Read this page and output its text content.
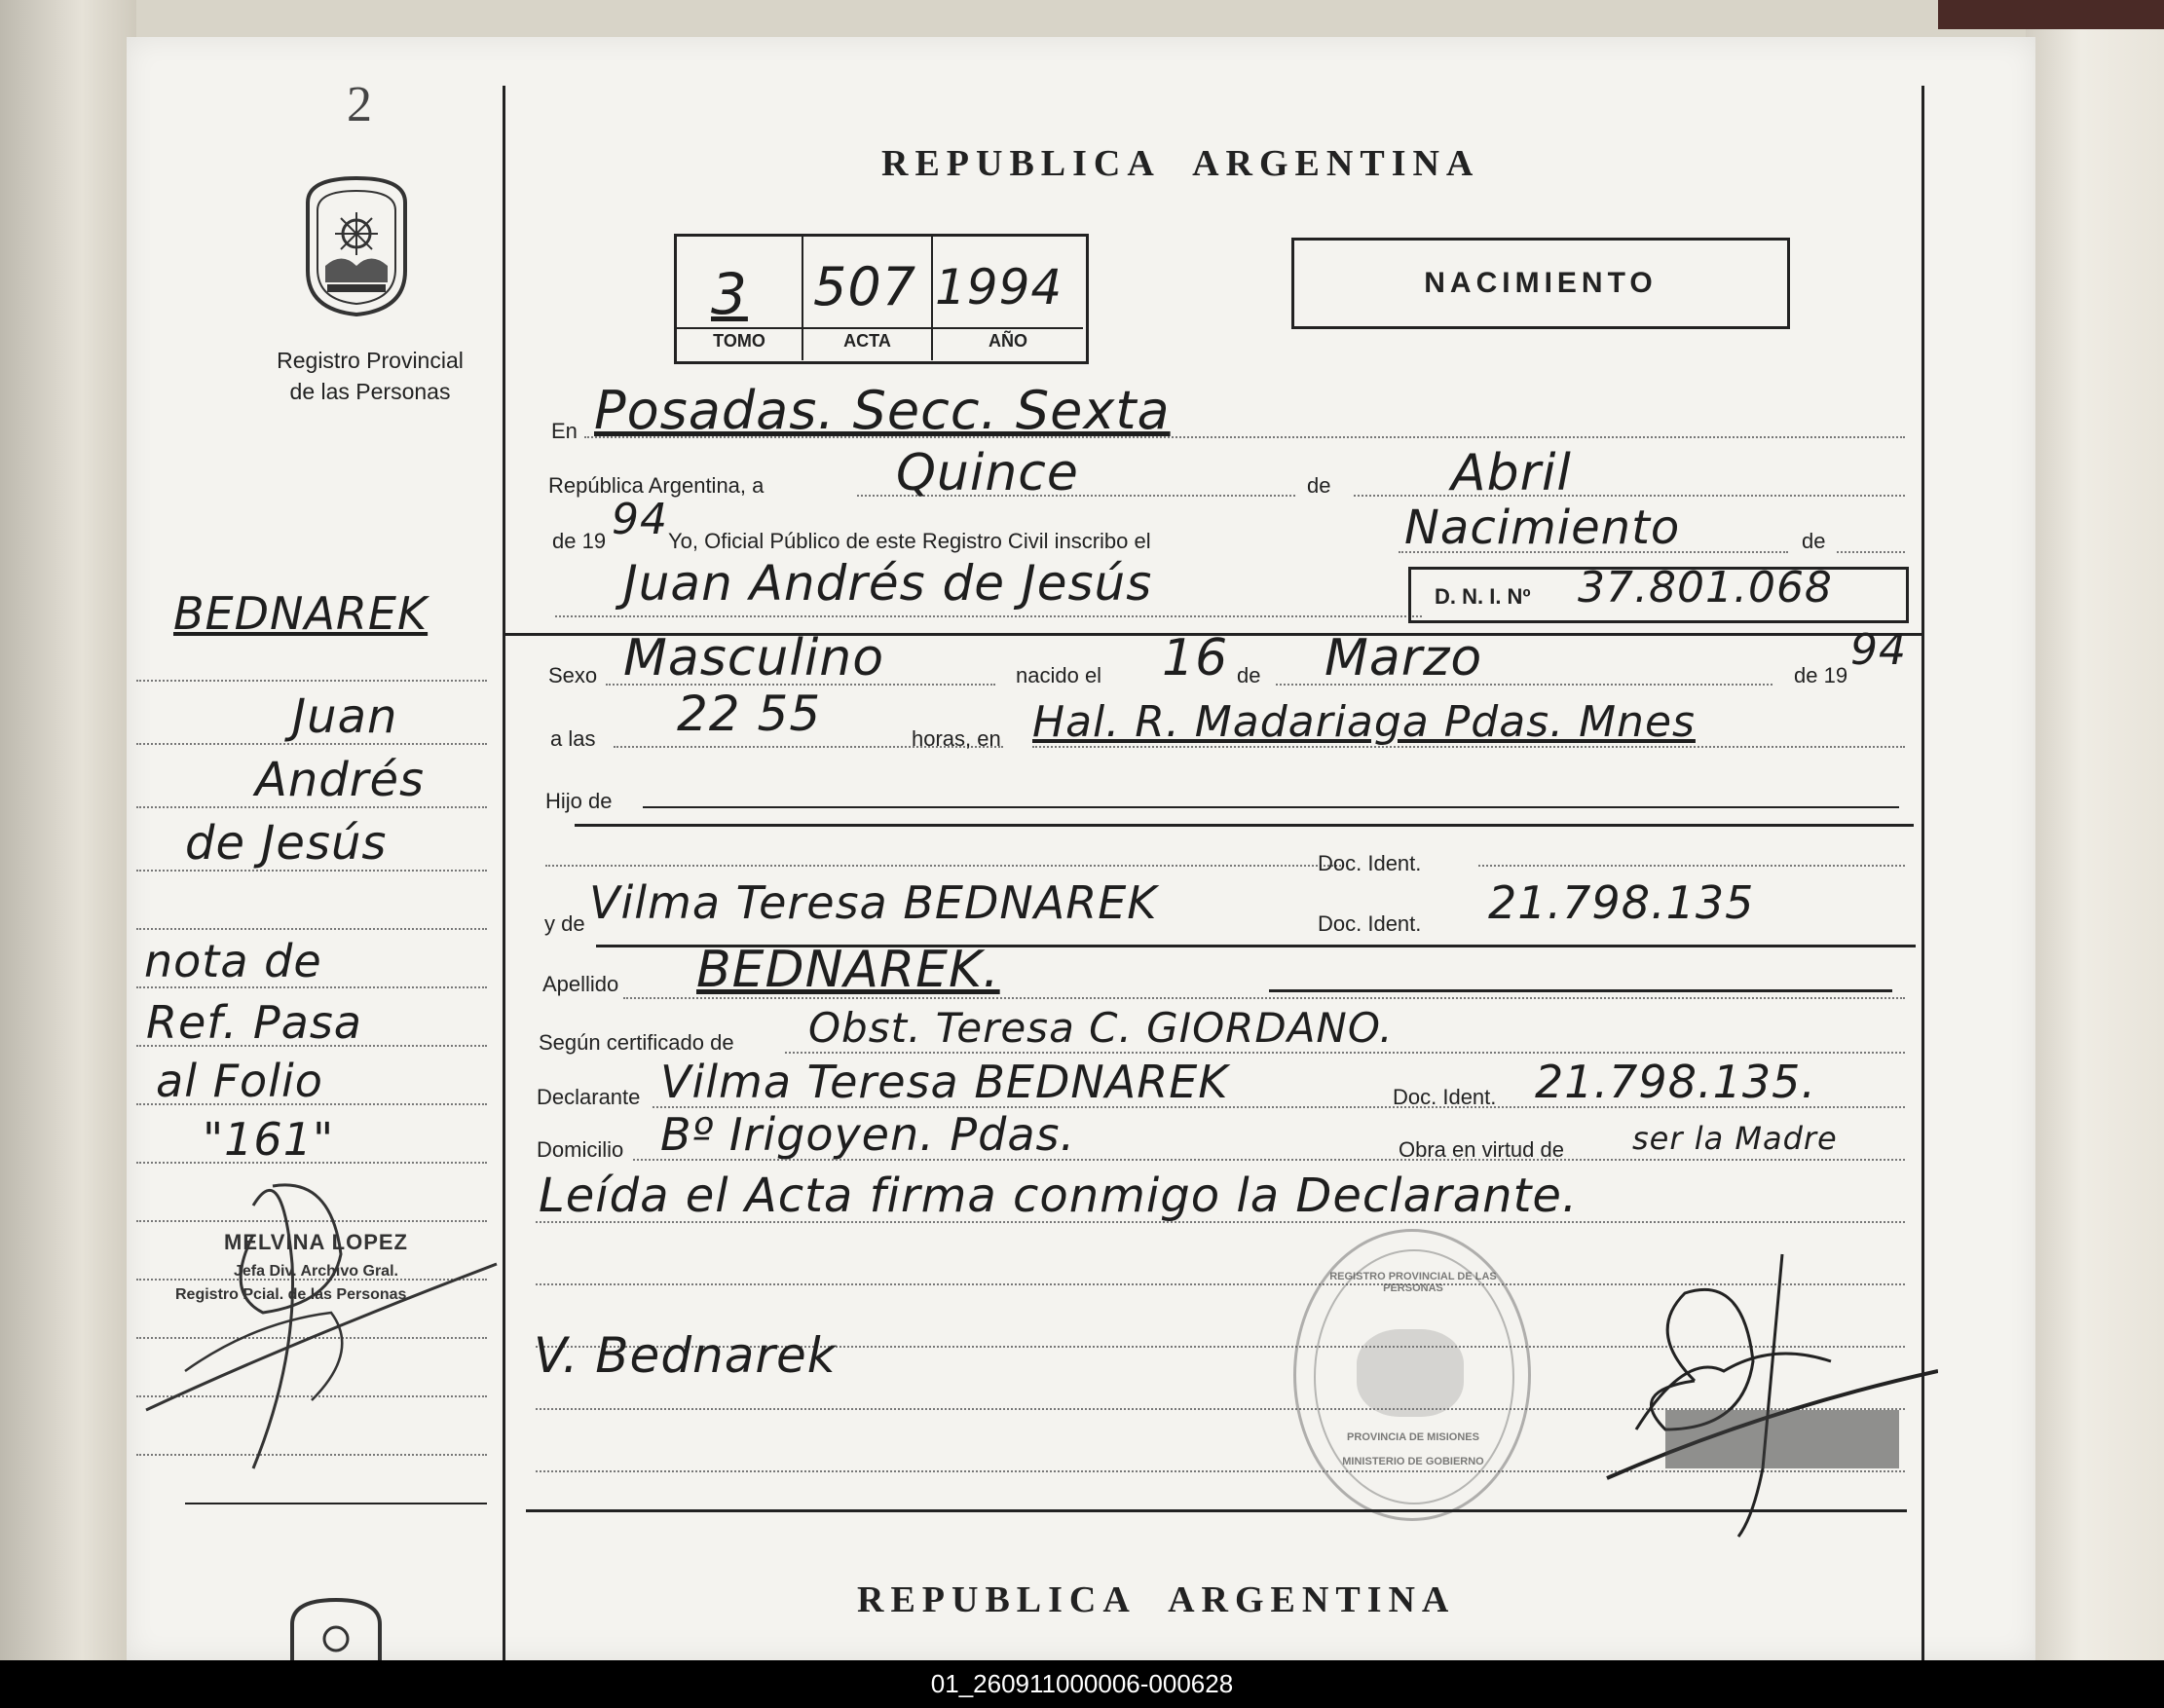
2
Registro Provincial
de las Personas
BEDNAREK
Juan
Andrés
de Jesús
nota de
Ref. Pasa
al Folio
"161"
MELVINA LOPEZ
Jefa Div. Archivo Gral.
Registro Pcial. de las Personas
REPUBLICA ARGENTINA
3 507 1994
TOMO	ACTA	AÑO
NACIMIENTO
En Posadas. Secc. Sexta
República Argentina, a	Quince	de Abril
de 19 94 Yo, Oficial Público de este Registro Civil inscribo el	Nacimiento	de
Juan Andrés de Jesús	D. N. I. Nº 37.801.068
Sexo Masculino	nacido el 16 de Marzo	de 19
94
a las 22 55	horas, en Hal. R. Madariaga Pdas. Mnes
Hijo de
Doc. Ident.
y de Vilma Teresa BEDNAREK	Doc. Ident. 21.798.135
Apellido BEDNAREK.
Según certificado de Obst. Teresa C. GIORDANO.
Declarante Vilma Teresa BEDNAREK	Doc. Ident. 21.798.135.
Domicilio Bº Irigoyen. Pdas.	Obra en virtud de ser la Madre
Leída el Acta firma conmigo la Declarante.
V. Bednarek
REGISTRO PROVINCIAL DE LAS PERSONAS
PROVINCIA DE MISIONES
MINISTERIO DE GOBIERNO
REPUBLICA ARGENTINA
01_260911000006-000628
